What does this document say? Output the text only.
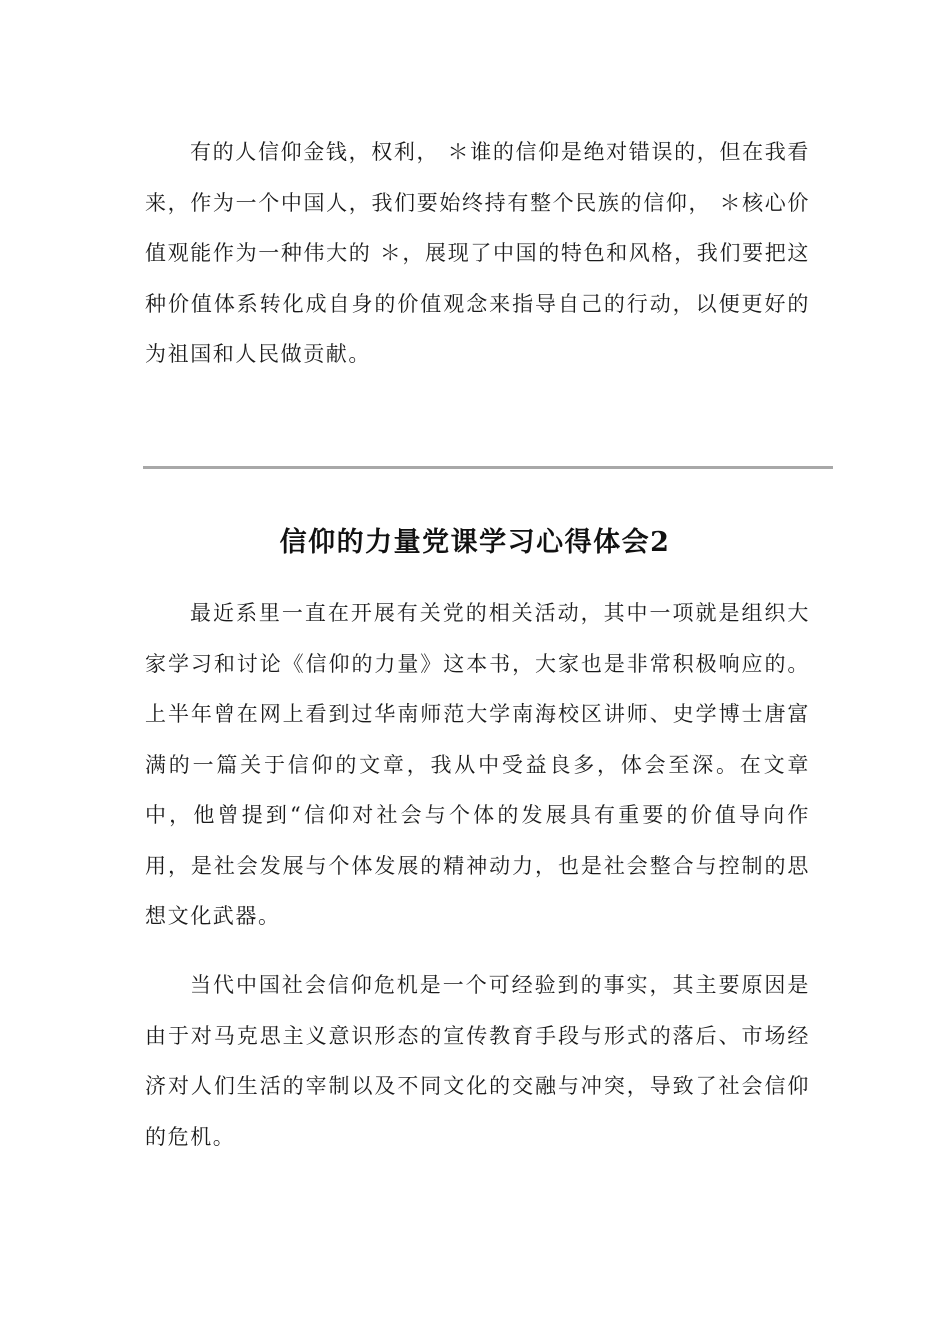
有的人信仰金钱，权利， ＊谁的信仰是绝对错误的，但在我看来，作为一个中国人，我们要始终持有整个民族的信仰， ＊核心价值观能作为一种伟大的 ＊，展现了中国的特色和风格，我们要把这种价值体系转化成自身的价值观念来指导自己的行动，以便更好的为祖国和人民做贡献。

信仰的力量党课学习心得体会2

最近系里一直在开展有关党的相关活动，其中一项就是组织大家学习和讨论《信仰的力量》这本书，大家也是非常积极响应的。上半年曾在网上看到过华南师范大学南海校区讲师、史学博士唐富满的一篇关于信仰的文章，我从中受益良多，体会至深。在文章中，他曾提到“信仰对社会与个体的发展具有重要的价值导向作用，是社会发展与个体发展的精神动力，也是社会整合与控制的思想文化武器。

当代中国社会信仰危机是一个可经验到的事实，其主要原因是由于对马克思主义意识形态的宣传教育手段与形式的落后、市场经济对人们生活的宰制以及不同文化的交融与冲突，导致了社会信仰的危机。
